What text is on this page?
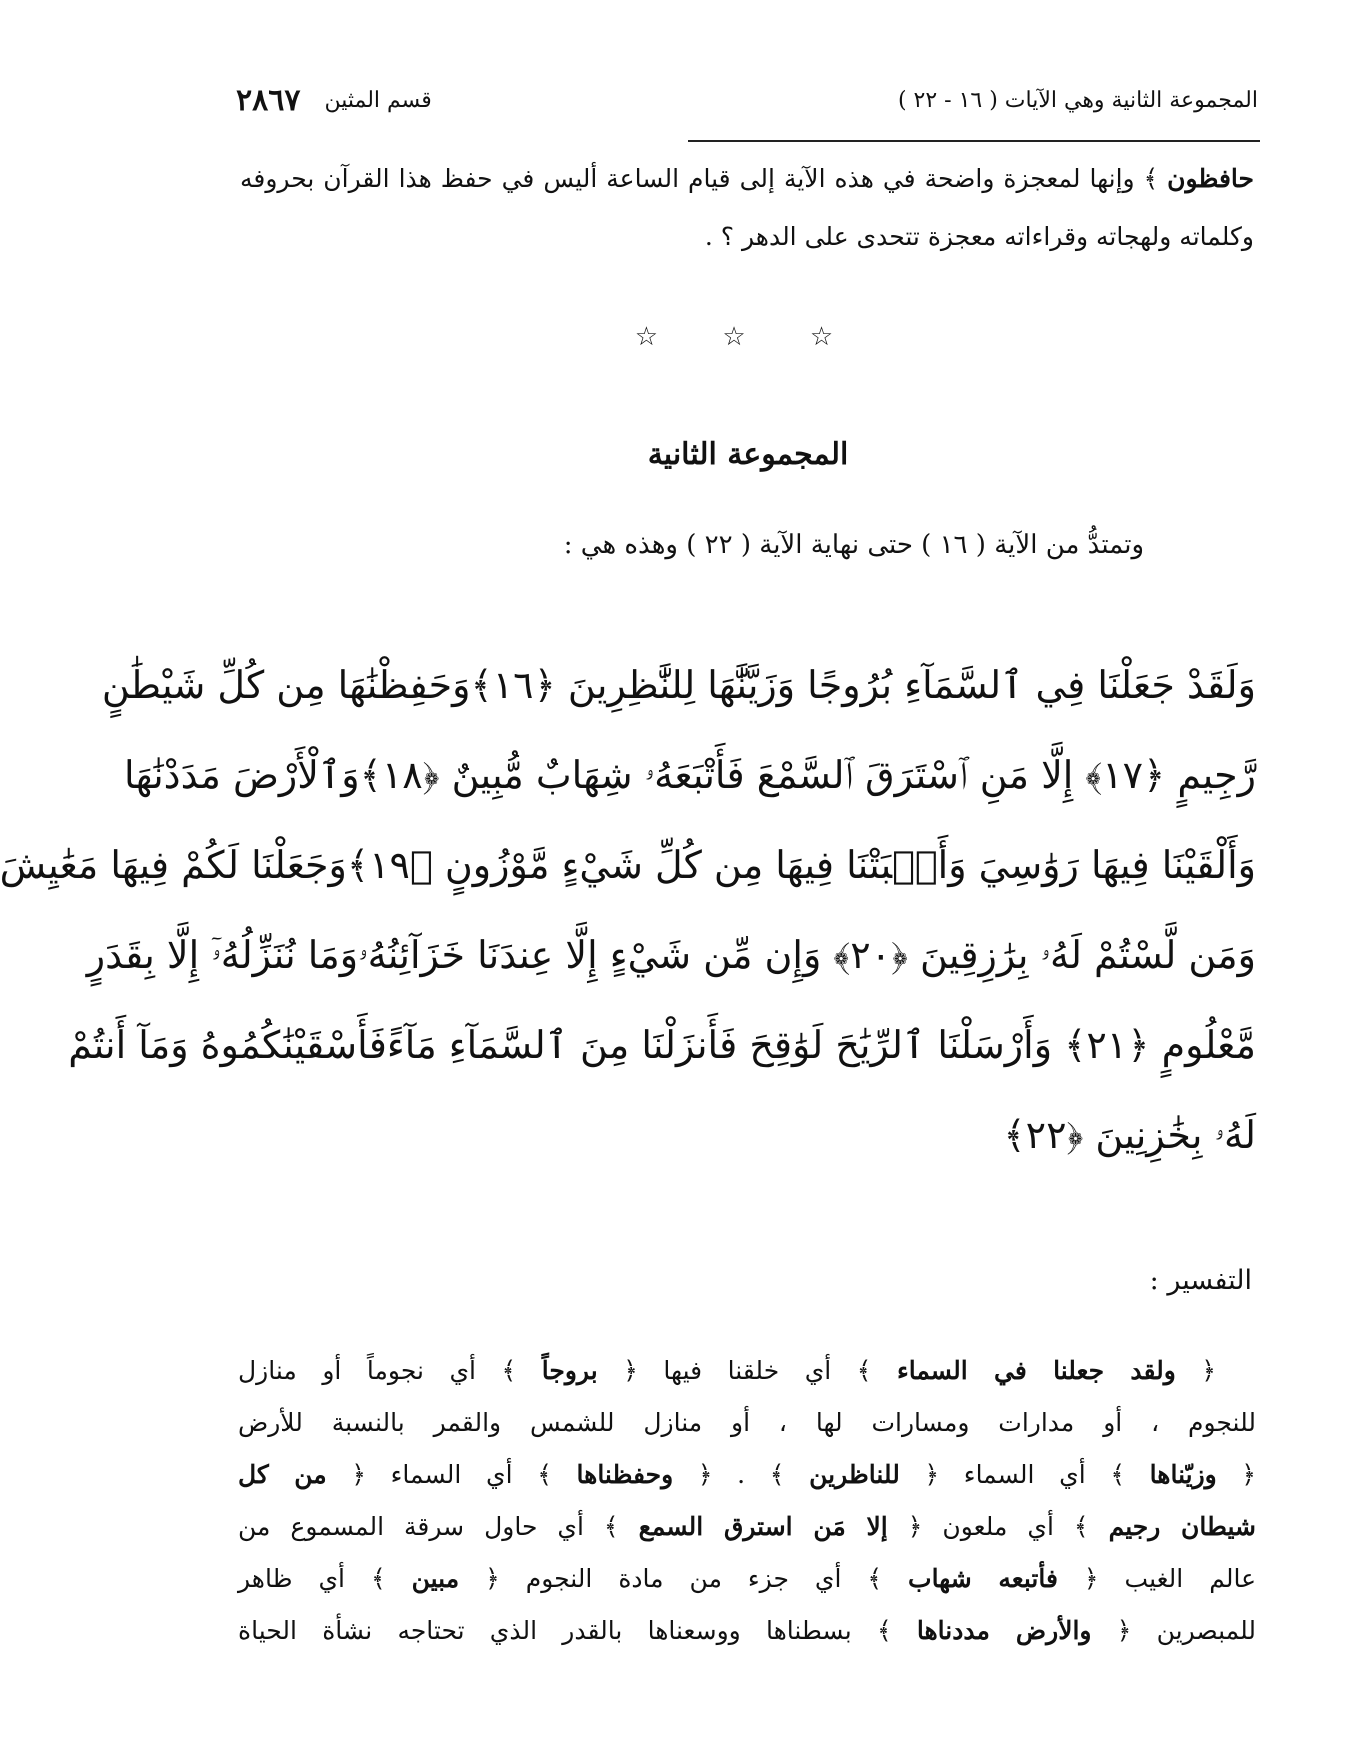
المجموعة الثانية وهي الآيات ( ١٦ - ٢٢ )
قسم المثين
٢٨٦٧
حافظون ﴾ وإنها لمعجزة واضحة في هذه الآية إلى قيام الساعة أليس في حفظ هذا القرآن بحروفه وكلماته ولهجاته وقراءاته معجزة تتحدى على الدهر ؟ .
☆ ☆ ☆
المجموعة الثانية
وتمتدُّ من الآية ( ١٦ ) حتى نهاية الآية ( ٢٢ ) وهذه هي :
وَلَقَدْ جَعَلْنَا فِي ٱلسَّمَآءِ بُرُوجًا وَزَيَّنَّٰهَا لِلنَّٰظِرِينَ ﴿١٦﴾
وَحَفِظْنَٰهَا مِن كُلِّ شَيْطَٰنٍ
رَّجِيمٍ ﴿١٧﴾ إِلَّا مَنِ ٱسْتَرَقَ ٱلسَّمْعَ فَأَتْبَعَهُۥ شِهَابٌ مُّبِينٌ ﴿١٨﴾
وَٱلْأَرْضَ مَدَدْنَٰهَا
وَأَلْقَيْنَا فِيهَا رَوَٰسِيَ وَأَنۢبَتْنَا فِيهَا مِن كُلِّ شَيْءٍ مَّوْزُونٍ ﴿١٩﴾
وَجَعَلْنَا لَكُمْ فِيهَا مَعَٰيِشَ
وَمَن لَّسْتُمْ لَهُۥ بِرَٰزِقِينَ ﴿٢٠﴾ وَإِن مِّن شَيْءٍ إِلَّا عِندَنَا خَزَآئِنُهُۥ
وَمَا نُنَزِّلُهُۥٓ إِلَّا بِقَدَرٍ
مَّعْلُومٍ ﴿٢١﴾ وَأَرْسَلْنَا ٱلرِّيَٰحَ لَوَٰقِحَ فَأَنزَلْنَا مِنَ ٱلسَّمَآءِ مَآءً
فَأَسْقَيْنَٰكُمُوهُ وَمَآ أَنتُمْ
لَهُۥ بِخَٰزِنِينَ ﴿٢٢﴾
التفسير :
﴿ ولقد جعلنا في السماء ﴾ أي خلقنا فيها ﴿ بروجاً ﴾ أي نجوماً أو منازل
للنجوم ، أو مدارات ومسارات لها ، أو منازل للشمس والقمر بالنسبة للأرض
﴿ وزيّناها ﴾ أي السماء ﴿ للناظرين ﴾ . ﴿ وحفظناها ﴾ أي السماء ﴿ من كل
شيطان رجيم ﴾ أي ملعون ﴿ إلا مَن استرق السمع ﴾ أي حاول سرقة المسموع من
عالم الغيب ﴿ فأتبعه شهاب ﴾ أي جزء من مادة النجوم ﴿ مبين ﴾ أي ظاهر
للمبصرين ﴿ والأرض مددناها ﴾ بسطناها ووسعناها بالقدر الذي تحتاجه نشأة الحياة
